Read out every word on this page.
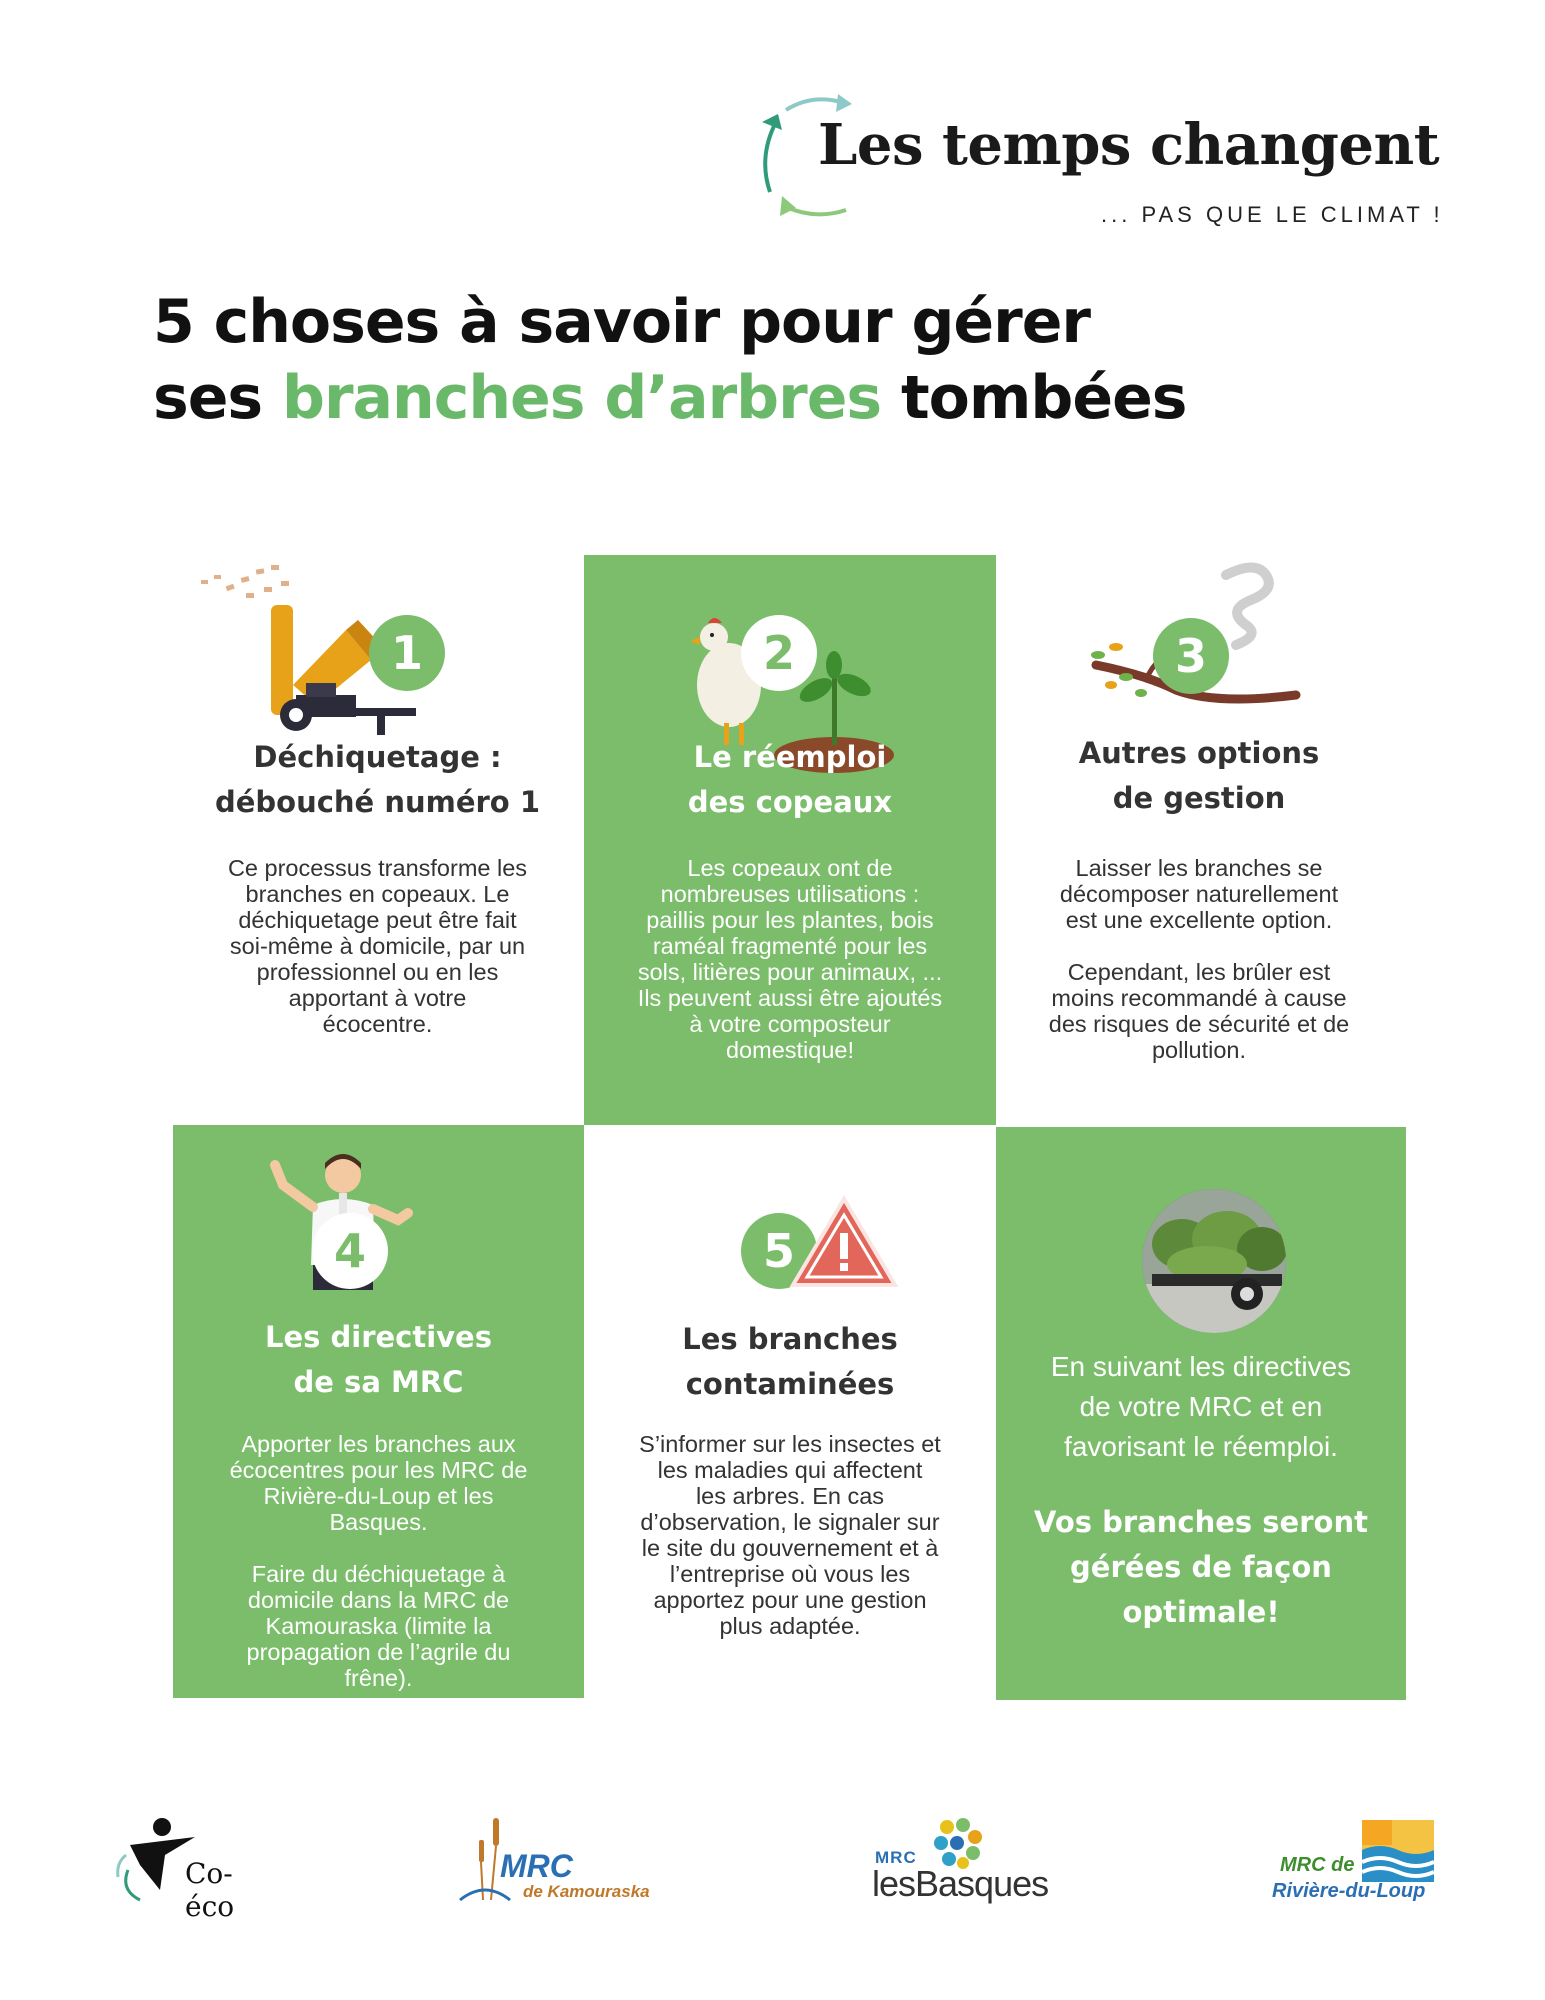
Les temps changent
... PAS QUE LE CLIMAT !
5 choses à savoir pour gérer
ses branches d’arbres tombées
1
Déchiquetage :
débouché numéro 1
Ce processus transforme les
branches en copeaux. Le
déchiquetage peut être fait
soi-même à domicile, par un
professionnel ou en les
apportant à votre
écocentre.
2
Le réemploi
des copeaux
Les copeaux ont de
nombreuses utilisations :
paillis pour les plantes, bois
raméal fragmenté pour les
sols, litières pour animaux, ...
Ils peuvent aussi être ajoutés
à votre composteur
domestique!
3
Autres options
de gestion
Laisser les branches se
décomposer naturellement
est une excellente option.
Cependant, les brûler est
moins recommandé à cause
des risques de sécurité et de
pollution.
4
Les directives
de sa MRC
Apporter les branches aux
écocentres pour les MRC de
Rivière-du-Loup et les
Basques.
Faire du déchiquetage à
domicile dans la MRC de
Kamouraska (limite la
propagation de l’agrile du
frêne).
5
Les branches
contaminées
S’informer sur les insectes et
les maladies qui affectent
les arbres. En cas
d’observation, le signaler sur
le site du gouvernement et à
l’entreprise où vous les
apportez pour une gestion
plus adaptée.
En suivant les directives
de votre MRC et en
favorisant le réemploi.
Vos branches seront
gérées de façon
optimale!
Co-éco
MRC
de Kamouraska
MRC
lesBasques	MRC de
Rivière-du-Loup
